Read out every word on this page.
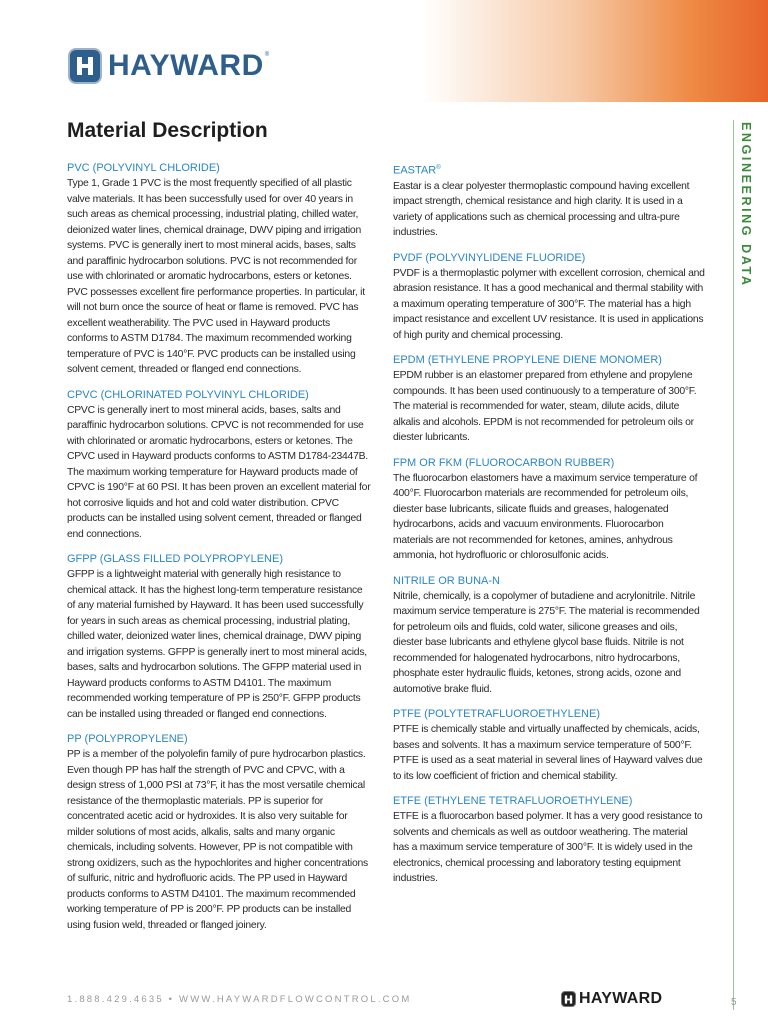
HAYWARD ®
Material Description	ENGINEERING DATA

PVC (POLYVINYL CHLORIDE)

Type 1, Grade 1 PVC is the most frequently specified of all plastic valve materials. It has been successfully used for over 40 years in such areas as chemical processing, industrial plating, chilled water, deionized water lines, chemical drainage, DWV piping and irrigation systems. PVC is generally inert to most mineral acids, bases, salts and paraffinic hydrocarbon solutions. PVC is not recommended for use with chlorinated or aromatic hydrocarbons, esters or ketones. PVC possesses excellent fire performance properties. In particular, it will not burn once the source of heat or flame is removed. PVC has excellent weatherability. The PVC used in Hayward products conforms to ASTM D1784. The maximum recommended working temperature of PVC is 140°F. PVC products can be installed using solvent cement, threaded or flanged end connections.

CPVC (CHLORINATED POLYVINYL CHLORIDE)

CPVC is generally inert to most mineral acids, bases, salts and paraffinic hydrocarbon solutions. CPVC is not recommended for use with chlorinated or aromatic hydrocarbons, esters or ketones. The CPVC used in Hayward products conforms to ASTM D1784-23447B. The maximum working temperature for Hayward products made of CPVC is 190°F at 60 PSI. It has been proven an excellent material for hot corrosive liquids and hot and cold water distribution. CPVC products can be installed using solvent cement, threaded or flanged end connections.

GFPP (GLASS FILLED POLYPROPYLENE)

GFPP is a lightweight material with generally high resistance to chemical attack. It has the highest long-term temperature resistance of any material furnished by Hayward. It has been used successfully for years in such areas as chemical processing, industrial plating, chilled water, deionized water lines, chemical drainage, DWV piping and irrigation systems. GFPP is generally inert to most mineral acids, bases, salts and hydrocarbon solutions. The GFPP material used in Hayward products conforms to ASTM D4101. The maximum recommended working temperature of PP is 250°F. GFPP products can be installed using threaded or flanged end connections.

PP (POLYPROPYLENE)

PP is a member of the polyolefin family of pure hydrocarbon plastics. Even though PP has half the strength of PVC and CPVC, with a design stress of 1,000 PSI at 73°F, it has the most versatile chemical resistance of the thermoplastic materials. PP is superior for concentrated acetic acid or hydroxides. It is also very suitable for milder solutions of most acids, alkalis, salts and many organic chemicals, including solvents. However, PP is not compatible with strong oxidizers, such as the hypochlorites and higher concentrations of sulfuric, nitric and hydrofluoric acids. The PP used in Hayward products conforms to ASTM D4101. The maximum recommended working temperature of PP is 200°F. PP products can be installed using fusion weld, threaded or flanged joinery.

EASTAR®

Eastar is a clear polyester thermoplastic compound having excellent impact strength, chemical resistance and high clarity. It is used in a variety of applications such as chemical processing and ultra-pure industries.

PVDF (POLYVINYLIDENE FLUORIDE)

PVDF is a thermoplastic polymer with excellent corrosion, chemical and abrasion resistance. It has a good mechanical and thermal stability with a maximum operating temperature of 300°F. The material has a high impact resistance and excellent UV resistance. It is used in applications of high purity and chemical processing.

EPDM (ETHYLENE PROPYLENE DIENE MONOMER)

EPDM rubber is an elastomer prepared from ethylene and propylene compounds. It has been used continuously to a temperature of 300°F. The material is recommended for water, steam, dilute acids, dilute alkalis and alcohols. EPDM is not recommended for petroleum oils or diester lubricants.

FPM OR FKM (FLUOROCARBON RUBBER)

The fluorocarbon elastomers have a maximum service temperature of 400°F. Fluorocarbon materials are recommended for petroleum oils, diester base lubricants, silicate fluids and greases, halogenated hydrocarbons, acids and vacuum environments. Fluorocarbon materials are not recommended for ketones, amines, anhydrous ammonia, hot hydrofluoric or chlorosulfonic acids.

NITRILE OR BUNA-N

Nitrile, chemically, is a copolymer of butadiene and acrylonitrile. Nitrile maximum service temperature is 275°F. The material is recommended for petroleum oils and fluids, cold water, silicone greases and oils, diester base lubricants and ethylene glycol base fluids. Nitrile is not recommended for halogenated hydrocarbons, nitro hydrocarbons, phosphate ester hydraulic fluids, ketones, strong acids, ozone and automotive brake fluid.

PTFE (POLYTETRAFLUOROETHYLENE)

PTFE is chemically stable and virtually unaffected by chemicals, acids, bases and solvents. It has a maximum service temperature of 500°F. PTFE is used as a seat material in several lines of Hayward valves due to its low coefficient of friction and chemical stability.

ETFE (ETHYLENE TETRAFLUOROETHYLENE)

ETFE is a fluorocarbon based polymer. It has a very good resistance to solvents and chemicals as well as outdoor weathering. The material has a maximum service temperature of 300°F. It is widely used in the electronics, chemical processing and laboratory testing equipment industries.

1.888.429.4635 • WWW.HAYWARDFLOWCONTROL.COM	HAYWARD	5
